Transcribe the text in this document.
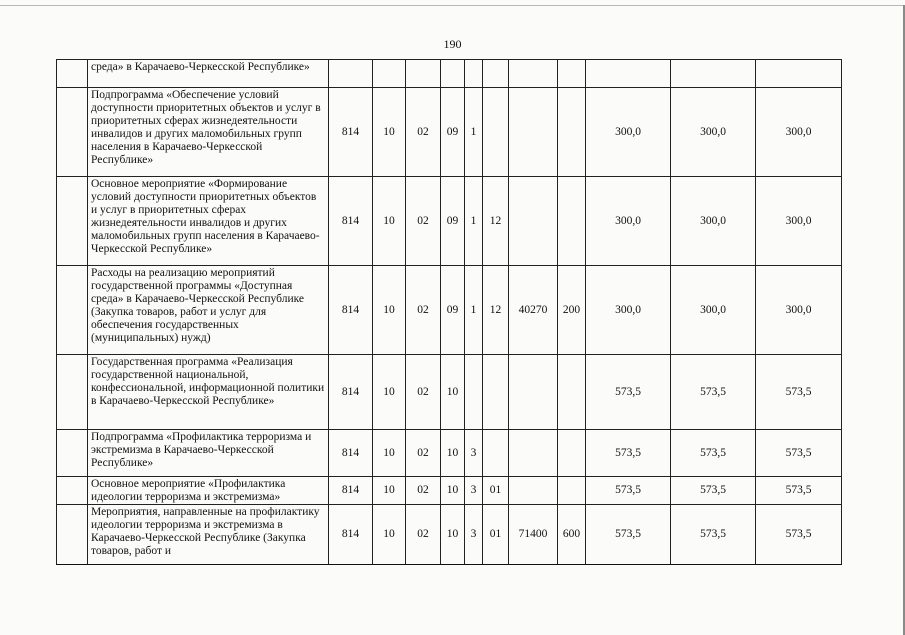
190
	среда» в Карачаево-Черкесской Республике»											
	Подпрограмма «Обеспечение условий доступности приоритетных объектов и услуг в приоритетных сферах жизнедеятельности инвалидов и других маломобильных групп населения в Карачаево-Черкесской Республике»	814	10	02	09	1				300,0	300,0	300,0
	Основное мероприятие «Формирование условий доступности приоритетных объектов и услуг в приоритетных сферах жизнедеятельности инвалидов и других маломобильных групп населения в Карачаево-Черкесской Республике»	814	10	02	09	1	12			300,0	300,0	300,0
	Расходы на реализацию мероприятий государственной программы «Доступная среда» в Карачаево-Черкесской Республике (Закупка товаров, работ и услуг для обеспечения государственных (муниципальных) нужд)	814	10	02	09	1	12	40270	200	300,0	300,0	300,0
	Государственная программа «Реализация государственной национальной, конфессиональной, информационной политики в Карачаево-Черкесской Республике»	814	10	02	10					573,5	573,5	573,5
	Подпрограмма «Профилактика терроризма и экстремизма в Карачаево-Черкесской Республике»	814	10	02	10	3				573,5	573,5	573,5
	Основное мероприятие «Профилактика идеологии терроризма и экстремизма»	814	10	02	10	3	01			573,5	573,5	573,5
	Мероприятия, направленные на профилактику идеологии терроризма и экстремизма в Карачаево-Черкесской Республике (Закупка товаров, работ и	814	10	02	10	3	01	71400	600	573,5	573,5	573,5
